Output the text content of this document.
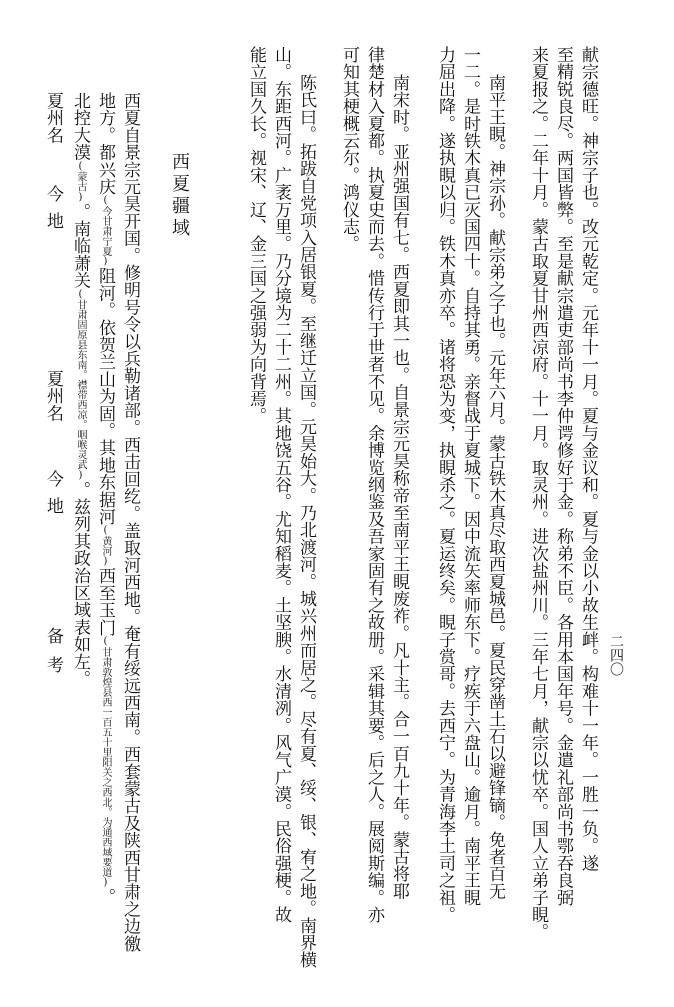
二四〇
献宗德旺。神宗子也。改元乾定。元年十一月。夏与金议和。夏与金以小故生衅。构难十一年。一胜一负。遂
至精锐良尽。两国皆弊。至是献宗遣吏部尚书李仲谔修好于金。称弟不臣。各用本国年号。金遣礼部尚书鄂吞良弼
来夏报之。二年十月。蒙古取夏甘州西凉府。十一月。取灵州。进次盐州川。三年七月，献宗以忧卒。国人立弟子睍。
南平王睍。神宗孙。献宗弟之子也。元年六月。蒙古铁木真尽取西夏城邑。夏民穿凿土石以避锋镝。免者百无
一二。是时铁木真已灭国四十。自持其勇。亲督战于夏城下。因中流矢率师东下。疗疾于六盘山。逾月。南平王睍
力屈出降。遂执睍以归。铁木真亦卒。诸将恐为变，执睍杀之。夏运终矣。睍子赏哥。去西宁。为青海李土司之祖。
南宋时。亚州强国有七。西夏即其一也。自景宗元昊称帝至南平王睍废祚。凡十主。合一百九十年。蒙古将耶
律楚材入夏都。执夏史而去。惜传行于世者不见。余博览纲鉴及吾家固有之故册。采辑其要。后之人。展阅斯编。亦
可知其梗概云尔。鸿仪志。
陈氏曰。拓跋自党项入居银夏。至继迁立国。元昊始大。乃北渡河。城兴州而居之。尽有夏、绥、银、宥之地。南界横
山。东距西河。广袤万里。乃分境为二十二州。其地饶五谷。尤知稻麦。土坚腴。水清冽。风气广漠。民俗强梗。故
能立国久长。视宋、辽、金三国之强弱为向背焉。
西夏疆域
西夏自景宗元昊开国。修明号令以兵勒诸部。西击回纥。盖取河西地。奄有绥远西南。西套蒙古及陕西甘肃之边徼
地方。都兴庆(今甘肃宁夏)阻河。依贺兰山为固。其地东据河(黄河)西至玉门(甘肃敦煌县西一百五十里阳关之西北。为通西域要道)。
北控大漠(蒙古)。南临萧关(甘肃固原县东南。襟带西凉。咽喉灵武)。兹列其政治区域表如左。
夏州名
今地
夏州名
今地
备考
